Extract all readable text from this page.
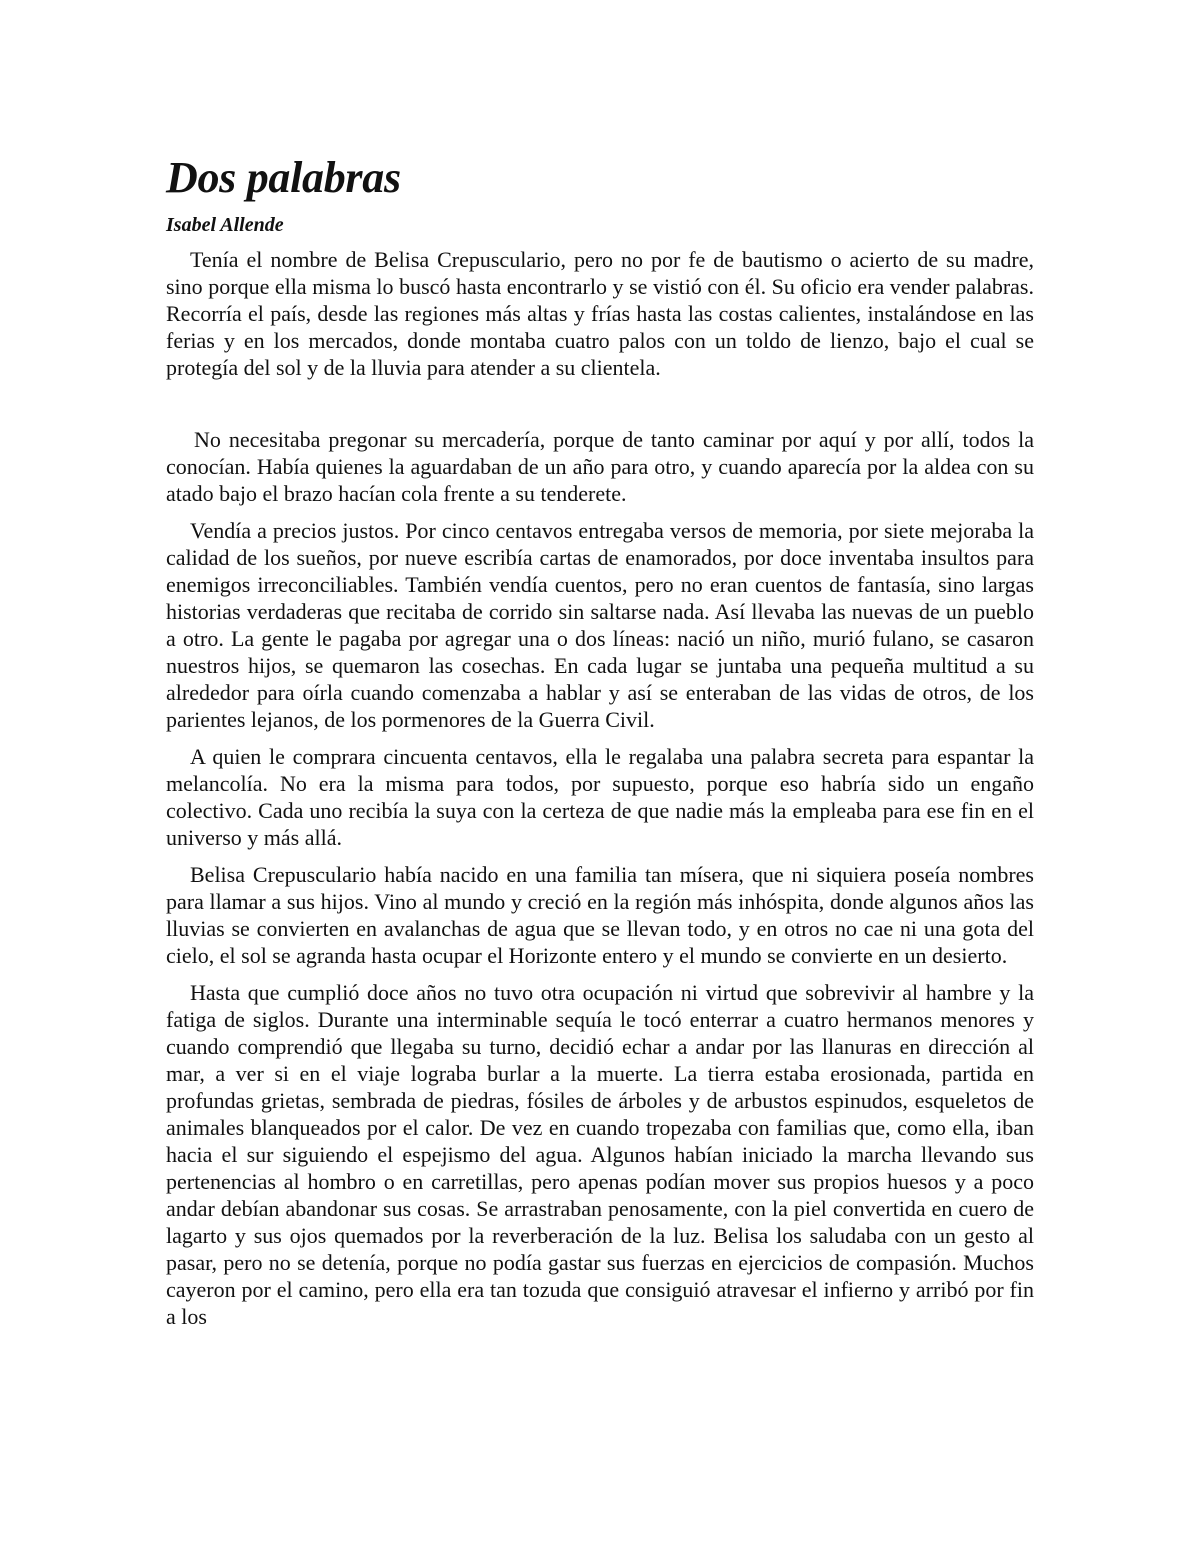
Dos palabras
Isabel Allende

Tenía el nombre de Belisa Crepusculario, pero no por fe de bautismo o acierto de su madre, sino porque ella misma lo buscó hasta encontrarlo y se vistió con él. Su oficio era vender palabras. Recorría el país, desde las regiones más altas y frías hasta las costas calientes, instalándose en las ferias y en los mercados, donde montaba cuatro palos con un toldo de lienzo, bajo el cual se protegía del sol y de la lluvia para atender a su clientela.

No necesitaba pregonar su mercadería, porque de tanto caminar por aquí y por allí, todos la conocían. Había quienes la aguardaban de un año para otro, y cuando aparecía por la aldea con su atado bajo el brazo hacían cola frente a su tenderete.

Vendía a precios justos. Por cinco centavos entregaba versos de memoria, por siete mejoraba la calidad de los sueños, por nueve escribía cartas de enamorados, por doce inventaba insultos para enemigos irreconciliables. También vendía cuentos, pero no eran cuentos de fantasía, sino largas historias verdaderas que recitaba de corrido sin saltarse nada. Así llevaba las nuevas de un pueblo a otro. La gente le pagaba por agregar una o dos líneas: nació un niño, murió fulano, se casaron nuestros hijos, se quemaron las cosechas. En cada lugar se juntaba una pequeña multitud a su alrededor para oírla cuando comenzaba a hablar y así se enteraban de las vidas de otros, de los parientes lejanos, de los pormenores de la Guerra Civil.

A quien le comprara cincuenta centavos, ella le regalaba una palabra secreta para espantar la melancolía. No era la misma para todos, por supuesto, porque eso habría sido un engaño colectivo. Cada uno recibía la suya con la certeza de que nadie más la empleaba para ese fin en el universo y más allá.

Belisa Crepusculario había nacido en una familia tan mísera, que ni siquiera poseía nombres para llamar a sus hijos. Vino al mundo y creció en la región más inhóspita, donde algunos años las lluvias se convierten en avalanchas de agua que se llevan todo, y en otros no cae ni una gota del cielo, el sol se agranda hasta ocupar el Horizonte entero y el mundo se convierte en un desierto.

Hasta que cumplió doce años no tuvo otra ocupación ni virtud que sobrevivir al hambre y la fatiga de siglos. Durante una interminable sequía le tocó enterrar a cuatro hermanos menores y cuando comprendió que llegaba su turno, decidió echar a andar por las llanuras en dirección al mar, a ver si en el viaje lograba burlar a la muerte. La tierra estaba erosionada, partida en profundas grietas, sembrada de piedras, fósiles de árboles y de arbustos espinudos, esqueletos de animales blanqueados por el calor. De vez en cuando tropezaba con familias que, como ella, iban hacia el sur siguiendo el espejismo del agua. Algunos habían iniciado la marcha llevando sus pertenencias al hombro o en carretillas, pero apenas podían mover sus propios huesos y a poco andar debían abandonar sus cosas. Se arrastraban penosamente, con la piel convertida en cuero de lagarto y sus ojos quemados por la reverberación de la luz. Belisa los saludaba con un gesto al pasar, pero no se detenía, porque no podía gastar sus fuerzas en ejercicios de compasión. Muchos cayeron por el camino, pero ella era tan tozuda que consiguió atravesar el infierno y arribó por fin a los
